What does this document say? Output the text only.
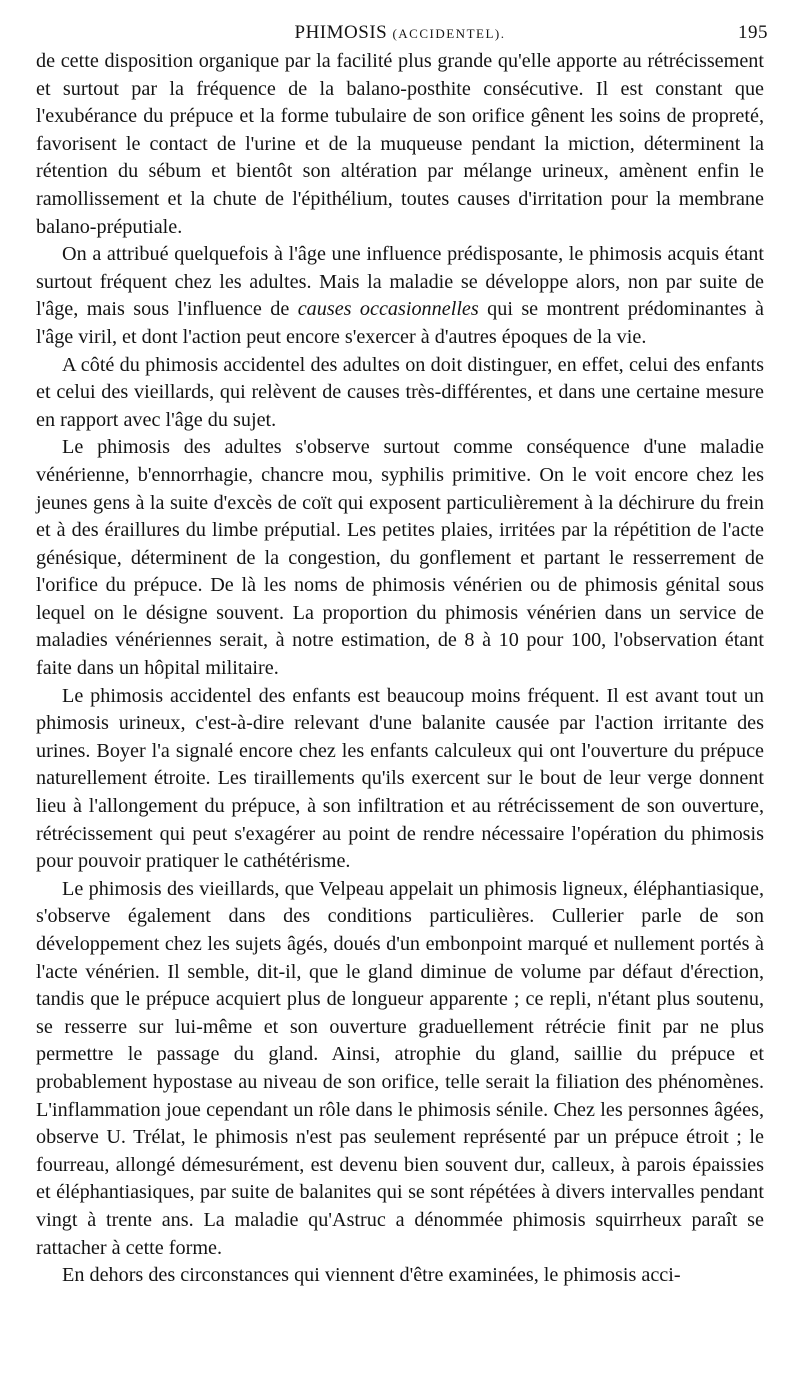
PHIMOSIS (ACCIDENTEL).	195

de cette disposition organique par la facilité plus grande qu'elle apporte au rétrécissement et surtout par la fréquence de la balano-posthite consécutive. Il est constant que l'exubérance du prépuce et la forme tubulaire de son orifice gênent les soins de propreté, favorisent le contact de l'urine et de la muqueuse pendant la miction, déterminent la rétention du sébum et bientôt son altération par mélange urineux, amènent enfin le ramollissement et la chute de l'épithélium, toutes causes d'irritation pour la membrane balano-préputiale.

On a attribué quelquefois à l'âge une influence prédisposante, le phimosis acquis étant surtout fréquent chez les adultes. Mais la maladie se développe alors, non par suite de l'âge, mais sous l'influence de causes occasionnelles qui se montrent prédominantes à l'âge viril, et dont l'action peut encore s'exercer à d'autres époques de la vie.

A côté du phimosis accidentel des adultes on doit distinguer, en effet, celui des enfants et celui des vieillards, qui relèvent de causes très-différentes, et dans une certaine mesure en rapport avec l'âge du sujet.

Le phimosis des adultes s'observe surtout comme conséquence d'une maladie vénérienne, b'ennorrhagie, chancre mou, syphilis primitive. On le voit encore chez les jeunes gens à la suite d'excès de coït qui exposent particulièrement à la déchirure du frein et à des éraillures du limbe préputial. Les petites plaies, irritées par la répétition de l'acte génésique, déterminent de la congestion, du gonflement et partant le resserrement de l'orifice du prépuce. De là les noms de phimosis vénérien ou de phimosis génital sous lequel on le désigne souvent. La proportion du phimosis vénérien dans un service de maladies vénériennes serait, à notre estimation, de 8 à 10 pour 100, l'observation étant faite dans un hôpital militaire.

Le phimosis accidentel des enfants est beaucoup moins fréquent. Il est avant tout un phimosis urineux, c'est-à-dire relevant d'une balanite causée par l'action irritante des urines. Boyer l'a signalé encore chez les enfants calculeux qui ont l'ouverture du prépuce naturellement étroite. Les tiraillements qu'ils exercent sur le bout de leur verge donnent lieu à l'allongement du prépuce, à son infiltration et au rétrécissement de son ouverture, rétrécissement qui peut s'exagérer au point de rendre nécessaire l'opération du phimosis pour pouvoir pratiquer le cathétérisme.

Le phimosis des vieillards, que Velpeau appelait un phimosis ligneux, éléphantiasique, s'observe également dans des conditions particulières. Cullerier parle de son développement chez les sujets âgés, doués d'un embonpoint marqué et nullement portés à l'acte vénérien. Il semble, dit-il, que le gland diminue de volume par défaut d'érection, tandis que le prépuce acquiert plus de longueur apparente ; ce repli, n'étant plus soutenu, se resserre sur lui-même et son ouverture graduellement rétrécie finit par ne plus permettre le passage du gland. Ainsi, atrophie du gland, saillie du prépuce et probablement hypostase au niveau de son orifice, telle serait la filiation des phénomènes. L'inflammation joue cependant un rôle dans le phimosis sénile. Chez les personnes âgées, observe U. Trélat, le phimosis n'est pas seulement représenté par un prépuce étroit ; le fourreau, allongé démesurément, est devenu bien souvent dur, calleux, à parois épaissies et éléphantiasiques, par suite de balanites qui se sont répétées à divers intervalles pendant vingt à trente ans. La maladie qu'Astruc a dénommée phimosis squirrheux paraît se rattacher à cette forme.

En dehors des circonstances qui viennent d'être examinées, le phimosis acci-
